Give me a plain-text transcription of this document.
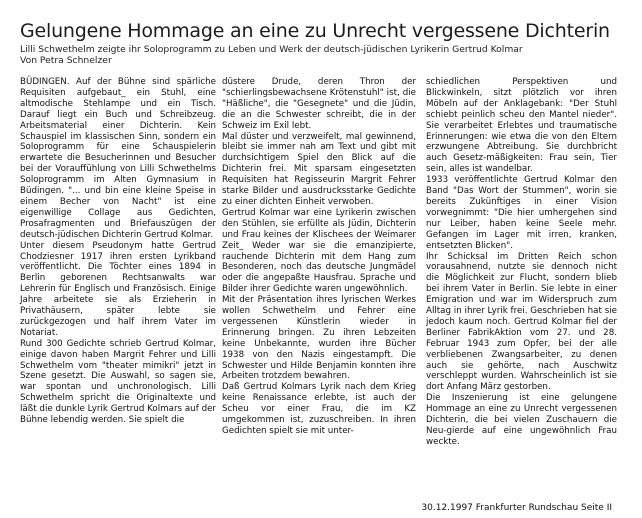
Gelungene Hommage an eine zu Unrecht vergessene Dichterin
Lilli Schwethelm zeigte ihr Soloprogramm zu Leben und Werk der deutsch-jüdischen Lyrikerin Gertrud Kolmar
Von Petra Schnelzer

BÜDINGEN. Auf der Bühne sind spärliche Requisiten aufgebaut_ ein Stuhl, eine altmodische Stehlampe und ein Tisch. Darauf liegt ein Buch und Schreibzeug. Arbeitsmaterial einer Dichterin. Kein Schauspiel im klassischen Sinn, sondern ein Soloprogramm für eine Schauspielerin erwartete die Besucherinnen und Besucher bei der Vorauffühlung von Lilli Schwethelms Soloprogramm im Alten Gymnasium in Büdingen. "... und bin eine kleine Speise in einem Becher von Nacht" ist eine eigenwillige Collage aus Gedichten, Prosafragmenten und Briefauszügen der deutsch-jüdischen Dichterin Gertrud Kolmar.

Unter diesem Pseudonym hatte Gertrud Chodziesner 1917 ihren ersten Lyrikband veröffentlicht. Die Töchter eines 1894 in Berlin geborenen Rechtsanwalts war Lehrerin für Englisch und Französisch. Einige Jahre arbeitete sie als Erzieherin in Privathäusern, später lebte sie zurückgezogen und half ihrem Vater im Notariat.

Rund 300 Gedichte schrieb Gertrud Kolmar, einige davon haben Margrit Fehrer und Lilli Schwethelm vom "theater mimikri" jetzt in Szene gesetzt. Die Auswahl, so sagen sie, war spontan und unchronologisch. Lilli Schwethelm spricht die Originaltexte und läßt die dunkle Lyrik Gertrud Kolmars auf der Bühne lebendig werden. Sie spielt die

düstere Drude, deren Thron der "schierlingsbewachsene Krötenstuhl" ist, die "Häßliche", die "Gesegnete" und die Jüdin, die an die Schwester schreibt, die in der Schweiz im Exil lebt.

Mal düster und verzweifelt, mal gewinnend, bleibt sie immer nah am Text und gibt mit durchsichtigem Spiel den Blick auf die Dichterin frei. Mit sparsam eingesetzten Requisiten hat Regisseurin Margrit Fehrer starke Bilder und ausdrucksstarke Gedichte zu einer dichten Einheit verwoben.

Gertrud Kolmar war eine Lyrikerin zwischen den Stühlen, sie erfüllte als Jüdin, Dichterin und Frau keines der Klischees der Weimarer Zeit_ Weder war sie die emanzipierte, rauchende Dichterin mit dem Hang zum Besonderen, noch das deutsche Jungmädel oder die angepaßte Hausfrau. Sprache und Bilder ihrer Gedichte waren ungewöhnlich.

Mit der Präsentation ihres lyrischen Werkes wollen Schwethelm und Fehrer eine vergessenen Künstlerin wieder in Erinnerung bringen. Zu ihren Lebzeiten keine Unbekannte, wurden ihre Bücher 1938 von den Nazis eingestampft. Die Schwester und Hilde Benjamin konnten ihre Arbeiten trotzdem bewahren.

Daß Gertrud Kolmars Lyrik nach dem Krieg keine Renaissance erlebte, ist auch der Scheu vor einer Frau, die im KZ umgekommen ist, zuzuschreiben. In ihren Gedichten spielt sie mit unter-

schiedlichen Perspektiven und Blickwinkeln, sitzt plötzlich vor ihren Möbeln auf der Anklagebank: "Der Stuhl schiebt peinlich scheu den Mantel nieder". Sie verarbeitet Erlebtes und traumatische Erinnerungen: wie etwa die von den Eltern erzwungene Abtreibung. Sie durchbricht auch Gesetz-mäßigkeiten: Frau sein, Tier sein, alles ist wandelbar.

1933 veröffentlichte Gertrud Kolmar den Band "Das Wort der Stummen", worin sie bereits Zukünftiges in einer Vision vorwegnimmt: "Die hier umhergehen sind nur Leiber, haben keine Seele mehr. Gefangen im Lager mit irren, kranken, entsetzten Blicken".

Ihr Schicksal im Dritten Reich schon vorausahnend, nutzte sie dennoch nicht die Möglichkeit zur Flucht, sondern blieb bei ihrem Vater in Berlin. Sie lebte in einer Emigration und war im Widerspruch zum Alltag in ihrer Lyrik frei. Geschrieben hat sie jedoch kaum noch. Gertrud Kolmar fiel der Berliner FabrikAktion vom 27. und 28. Februar 1943 zum Opfer, bei der alle verbliebenen Zwangsarbeiter, zu denen auch sie gehörte, nach Auschwitz verschleppt wurden. Wahrscheinlich ist sie dort Anfang März gestorben.

Die Inszenierung ist eine gelungene Hommage an eine zu Unrecht vergessenen Dichterin, die bei vielen Zuschauern die Neu-gierde auf eine ungewöhnlich Frau weckte.

30.12.1997 Frankfurter Rundschau Seite II
